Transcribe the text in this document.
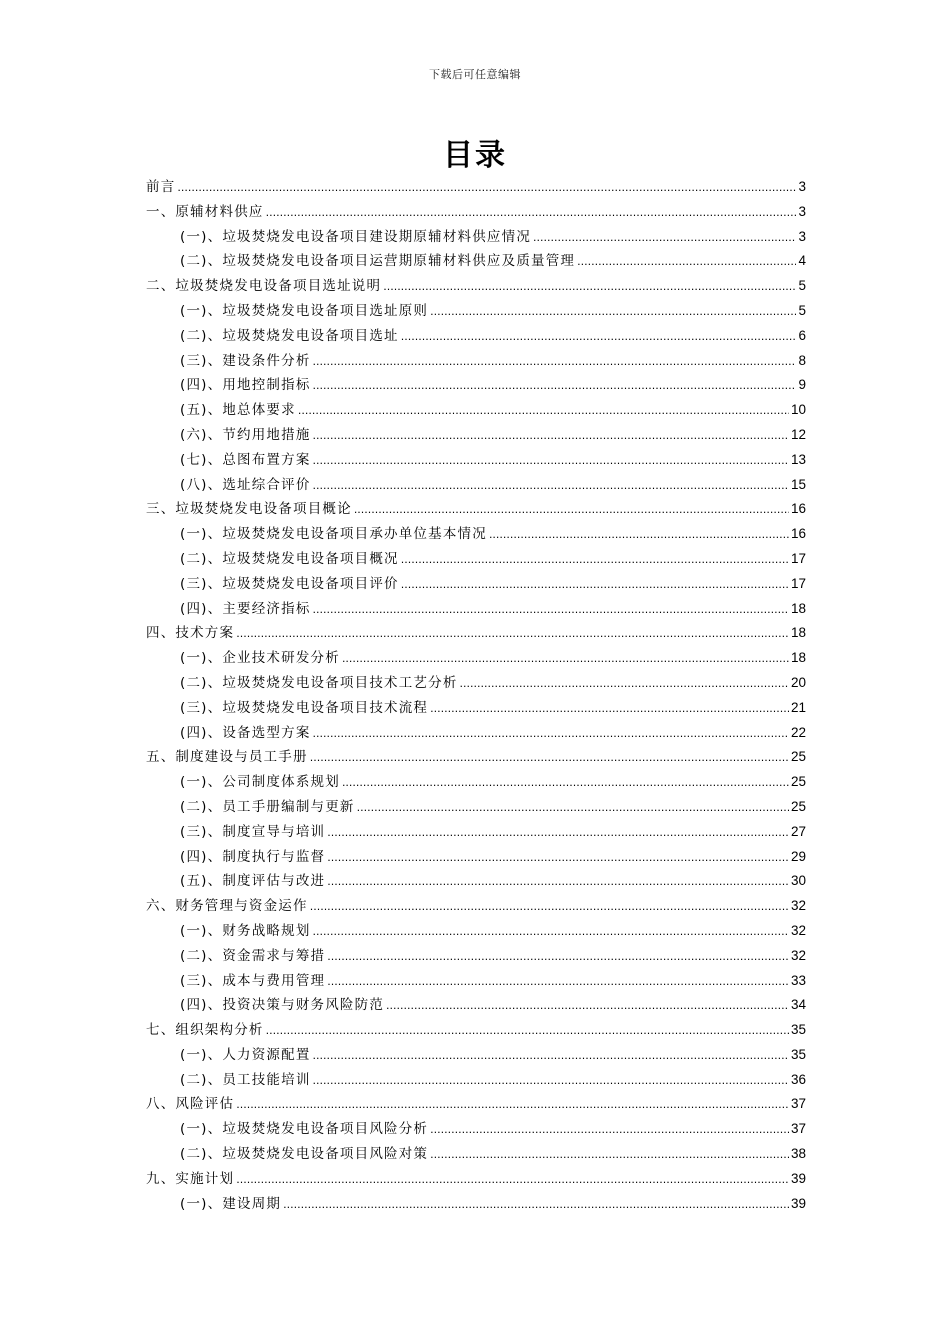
下载后可任意编辑
目录
前言 .....	3
一、原辅材料供应 .....	3
(一)、垃圾焚烧发电设备项目建设期原辅材料供应情况 .....	3
(二)、垃圾焚烧发电设备项目运营期原辅材料供应及质量管理 .....	4
二、垃圾焚烧发电设备项目选址说明 .....	5
(一)、垃圾焚烧发电设备项目选址原则 .....	5
(二)、垃圾焚烧发电设备项目选址 .....	6
(三)、建设条件分析 .....	8
(四)、用地控制指标 .....	9
(五)、地总体要求 .....	10
(六)、节约用地措施 .....	12
(七)、总图布置方案 .....	13
(八)、选址综合评价 .....	15
三、垃圾焚烧发电设备项目概论 .....	16
(一)、垃圾焚烧发电设备项目承办单位基本情况 .....	16
(二)、垃圾焚烧发电设备项目概况 .....	17
(三)、垃圾焚烧发电设备项目评价 .....	17
(四)、主要经济指标 .....	18
四、技术方案 .....	18
(一)、企业技术研发分析 .....	18
(二)、垃圾焚烧发电设备项目技术工艺分析 .....	20
(三)、垃圾焚烧发电设备项目技术流程 .....	21
(四)、设备选型方案 .....	22
五、制度建设与员工手册 .....	25
(一)、公司制度体系规划 .....	25
(二)、员工手册编制与更新 .....	25
(三)、制度宣导与培训 .....	27
(四)、制度执行与监督 .....	29
(五)、制度评估与改进 .....	30
六、财务管理与资金运作 .....	32
(一)、财务战略规划 .....	32
(二)、资金需求与筹措 .....	32
(三)、成本与费用管理 .....	33
(四)、投资决策与财务风险防范 .....	34
七、组织架构分析 .....	35
(一)、人力资源配置 .....	35
(二)、员工技能培训 .....	36
八、风险评估 .....	37
(一)、垃圾焚烧发电设备项目风险分析 .....	37
(二)、垃圾焚烧发电设备项目风险对策 .....	38
九、实施计划 .....	39
(一)、建设周期 .....	39
